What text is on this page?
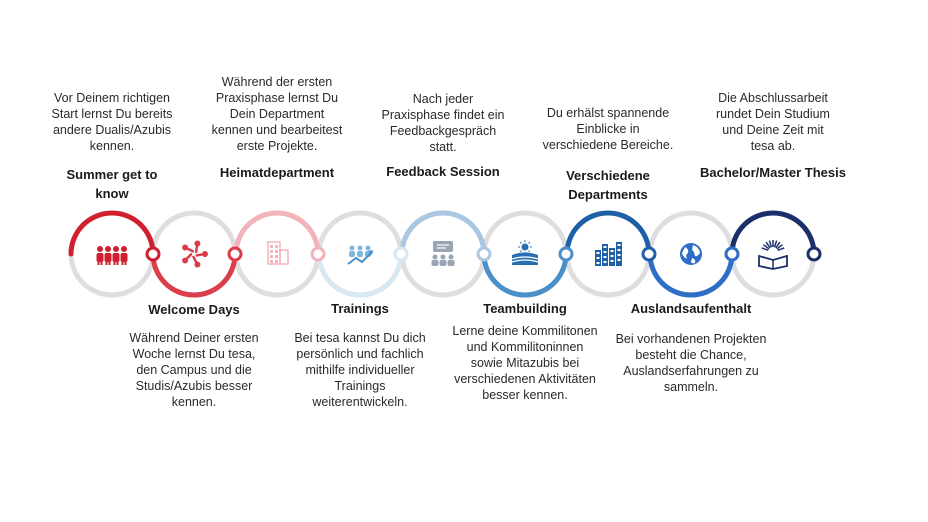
Summer get to
know
Vor Deinem richtigen
Start lernst Du bereits
andere Dualis/Azubis
kennen.
Welcome Days
Während Deiner ersten
Woche lernst Du tesa,
den Campus und die
Studis/Azubis besser
kennen.
Heimatdepartment
Während der ersten
Praxisphase lernst Du
Dein Department
kennen und bearbeitest
erste Projekte.
Trainings
Bei tesa kannst Du dich
persönlich und fachlich
mithilfe individueller
Trainings
weiterentwickeln.
Feedback Session
Nach jeder
Praxisphase findet ein
Feedbackgespräch
statt.
Teambuilding
Lerne deine Kommilitonen
und Kommilitoninnen
sowie Mitazubis bei
verschiedenen Aktivitäten
besser kennen.
Verschiedene
Departments
Du erhälst spannende
Einblicke in
verschiedene Bereiche.
Auslandsaufenthalt
Bei vorhandenen Projekten
besteht die Chance,
Auslandserfahrungen zu
sammeln.
Bachelor/Master Thesis
Die Abschlussarbeit
rundet Dein Studium
und Deine Zeit mit
tesa ab.
